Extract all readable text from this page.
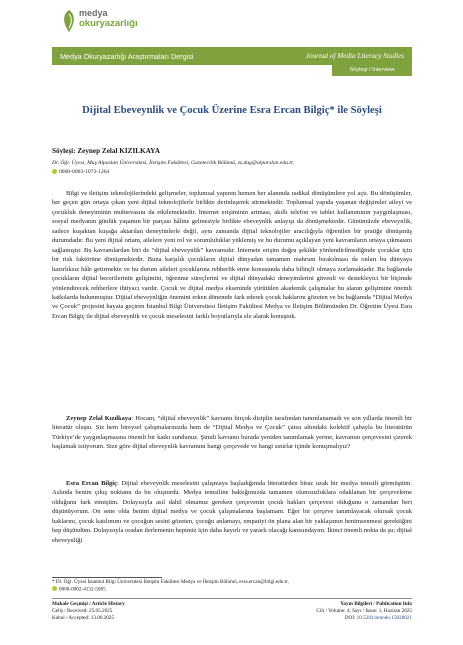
medya
okuryazarlığı
Medya Okuryazarlığı Araştırmaları Dergisi	Journal of Media Literacy Studies
Söyleşi / Interview
Dijital Ebeveynlik ve Çocuk Üzerine Esra Ercan Bilgiç* ile Söyleşi
Söyleşi: Zeynep Zelal KIZILKAYA
Dr. Öğr. Üyesi, Muş Alpaslan Üniversitesi, İletişim Fakültesi, Gazetecilik Bölümü, zz.dag@alparslan.edu.tr,
0000-0003-1073-1264

Bilgi ve iletişim teknolojilerindeki gelişmeler, toplumsal yapının hemen her alanında radikal dönüşümlere yol açtı. Bu dönüşümler, her geçen gün ortaya çıkan yeni dijital teknolojilerle birlikte derinleşerek sürmektedir. Toplumsal yapıda yaşanan değişimler aileyi ve çocukluk deneyiminin muhtevasını da etkilemektedir. İnternet erişiminin artması, akıllı telefon ve tablet kullanımının yaygınlaşması, sosyal medyanın günlük yaşamın bir parçası hâline gelmesiyle birlikte ebeveynlik anlayışı da dönüşmektedir. Günümüzde ebeveynlik, sadece kuşaktan kuşağa aktarılan deneyimlerle değil, aynı zamanda dijital teknolojiler aracılığıyla öğrenilen bir pratiğe dönüşmüş durumdadır. Bu yeni dijital ortam, ailelere yeni rol ve sorumluluklar yüklemiş ve bu durumu açıklayan yeni kavramların ortaya çıkmasını sağlamıştır. Bu kavramlardan biri de “dijital ebeveynlik” kavramıdır. İnternete erişim doğru şekilde yönlendirilmediğinde çocuklar için bir risk faktörüne dönüşmektedir. Buna karşılık çocukların dijital dünyadan tamamen mahrum bırakılması da onları bu dünyaya hazırlıksız hâle getirmekte ve bu durum aileleri çocuklarına rehberlik etme konusunda daha bilinçli olmaya zorlamaktadır. Bu bağlamda çocukların dijital becerilerinin gelişimini, öğrenme süreçlerini ve dijital dünyadaki deneyimlerini güvenli ve destekleyici bir biçimde yönlendirecek rehberlere ihtiyacı vardır. Çocuk ve dijital medya ekseninde yürütülen akademik çalışmalar bu alanın gelişimine önemli katkılarda bulunmuştur. Dijital ebeveynliğin önemini erken dönemde fark ederek çocuk haklarını gözeten ve bu bağlamda “Dijital Medya ve Çocuk” projesini hayata geçiren İstanbul Bilgi Üniversitesi İletişim Fakültesi Medya ve İletişim Bölümünden Dr. Öğretim Üyesi Esra Ercan Bilgiç ile dijital ebeveynlik ve çocuk meselesini farklı boyutlarıyla ele alarak konuştuk.

Zeynep Zelal Kızılkaya: Hocam, “dijital ebeveynlik” kavramı birçok disiplin tarafından tanımlanamadı ve son yıllarda önemli bir literatür oluştu. Siz hem bireysel çalışmalarınızda hem de “Dijital Medya ve Çocuk” çatısı altındaki kolektif çabayla bu literatürün Türkiye’de yaygınlaşmasına önemli bir katkı sundunuz. Şimdi kavramı burada yeniden tanımlamak yerine, kavramın çerçevesini çizerek başlamak istiyorum. Size göre dijital ebeveynlik kavramını hangi çerçevede ve hangi sınırlar içinde konuşmalıyız?

Esra Ercan Bilgiç: Dijital ebeveynlik meselesini çalışmaya başladığımda literatürden biraz uzak bir medya temsili görmüştüm. Aslında benim çıkış noktamı da bu oluşturdu. Medya temsiline baktığımızda tamamen olumsuzluklara odaklanan bir çerçeveleme olduğunu fark etmiştim. Dolayısıyla asıl dahil olmamız gereken çerçevenin çocuk hakları çerçevesi olduğunu o zamandan beri düşünüyorum. On sene olda benim dijital medya ve çocuk çalışmalarına başlamam. Eğer bir çerçeve tanımlayacak olursak çocuk haklarını, çocuk katılımını ve çocuğun sesini gözeten, çocuğu anlamayı, empatiyi ön plana alan bir yaklaşımın benimsenmesi gerektiğini hep düşündüm. Dolayısıyla oradan ilerlemenin hepimiz için daha hayırlı ve yararlı olacağı kanısındayım. İkinci önemli nokta da şu; dijital ebeveynliği

* Dr. Öğr. Üyesi İstanbul Bilgi Üniversitesi İletişim Fakültesi Medya ve İletişim Bölümü, esra.ercan@bilgi.edu.tr,
0000-0002-4132-5085
Makale Geçmişi / Article History
Geliş / Received: 25.05.2025
Kabul / Accepted: 13.06.2025
Yayın Bilgileri / Publication Info
Cilt / Volume: 4, Sayı / Issue: 1, Haziran 2025
DOI: 10.5281/zenodo.15828021
